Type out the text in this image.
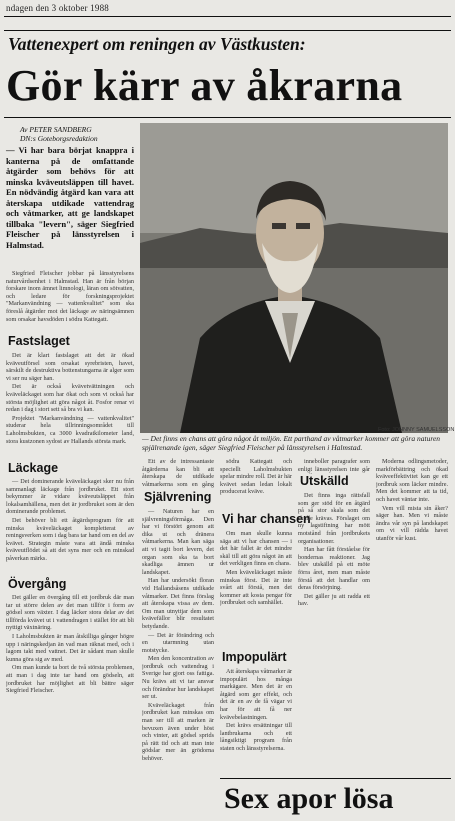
ndagen den 3 oktober 1988
Vattenexpert om reningen av Västkusten:
Gör kärr av åkrarna
Av PETER SANDBERG
DN:s Goteborgsredaktion
— Vi har bara börjat knappra i kanterna på de omfattande åtgärder som behövs för att minska kväveutsläppen till havet. En nödvändig åtgärd kan vara att återskapa utdikade vattendrag och våtmarker, att ge landskapet tillbaka "levern", säger Siegfried Fleischer på länsstyrelsen i Halmstad.

Siegfried Fleischer jobbar på länsstyrelsens naturvårdsenhet i Halmstad. Han är från början forskare inom ämnet limnologi, läran om sötvatten, och ledare för forskningsprojektet "Markanvändning — vattenkvalitet" som ska föreslå åtgärder mot det läckage av näringsämnen som orsakar havsdöden i södra Kattegatt.

Fastslaget

Det är klart fastslaget att det är ökad kväveutförsel som orsakat syrebristen, havet, särskilt de destruktiva bottenstungarna är alger som vi ser nu säger han.

Det är också kvävetvättningen och kväveläckaget som har ökat och som vi också har största möjlighet att göra något åt. Fosfor renar vi redan i dag i stort sett så bra vi kan.

Projektet "Markanvändning — vattenkvalitet" studerar hela tillrinningsområdet till Laholmsbukten, ca 3000 kvadratkilometer land, stora kustzonen sydost av Hallands största mark.

Läckage

— Det dominerande kväveläckaget sker nu från sammanlagt läckage från jordbruket. Ett stort bekymmer är vidare kväveutsläppet från lokalsamhällena, men det är jordbruket som är den dominerande problemet.

Det behöver bli ett åtgärdsprogram för att minska kväveläckaget kompletterat av reningsverken som i dag bara tar hand om en del av kvävet. Strategin måste vara att ändå minska kväveutflödet så att det syns mer och en minskad påverkan märks.

Övergång

Det gäller en övergång till ett jordbruk där man tar ut större delen av det man tillför i form av gödsel som växter. I dag läcker stora delar av det tillförda kvävet ut i vattendragen i stället för att bli nyttigt växtnäring.

I Laholmsbukten är man åtskilliga gånger högre upp i näringskedjan än vad man räknat med, och i lagom takt med vattnet. Det är sådant man skulle kunna göra sig av med.

Om man kunde ta bort de två största problemen, att man i dag inte tar hand om gödseln, att jordbruket har möjlighet att bli bättre säger Siegfried Fleischer.

Foto: JOHNNY SAMUELSSON
— Det finns en chans att göra något åt miljön. Ett parthand av våtmarker kommer att göra naturen spjälrenande igen, säger Siegfried Fleischer på länsstyrelsen i Halmstad.

Ett av de intressantaste åtgärderna kan bli att återskapa de utdikade våtmarkerna som en gång

Självrening

— Naturen har en självreningsförmåga. Den har vi förstört genom att dika ut och dränera våtmarkerna. Man kan säga att vi tagit bort levern, det organ som ska ta bort skadliga ämnen ur landskapet.

Han har undersökt floran vid Hallandsåsens utdikade våtmarker. Det finns förslag att återskapa vissa av dem. Om man utnyttjar dem som kvävefällor blir resultatet betydande.

— Det är förändring och en utarmning utan motstycke.

Men den koncentration av jordbruk och vattendrag i Sverige har gjort oss fattiga. Nu krävs att vi tar ansvar och förändrar hur landskapet ser ut.

Kväveläckaget från jordbruket kan minskas om man ser till att marken är bevuxen även under höst och vinter, att gödsel sprids på rätt tid och att man inte gödslar mer än grödorna behöver.

södra Kattegatt och speciellt Laholmsbukten spelar mindre roll. Det är här kvävet sedan ledan lokalt producerat kväve.

Vi har chansen

Om man skulle kunna säga att vi har chansen — i det här fallet är det mindre skäl till att göra något än att det verkligen finns en chans.

Men kväveläckaget måste minskas först. Det är inte svårt att förstå, men det kommer att kosta pengar för jordbruket och samhället.

Impopulärt

Att återskapa våtmarker är impopulärt hos många markägare. Men det är en åtgärd som ger effekt, och det är en av de få vägar vi har för att få ner kvävebelastningen.

Det krävs ersättningar till lantbrukarna och ett långsiktigt program från staten och länsstyrelserna.

inneboller paragrafer som enligt länsstyrelsen inte går

Utskälld

Det finns inga rättsfall som ger stöd för en åtgärd på så stor skala som det skulle krävas. Förslaget om ny lagstiftning har mött motstånd från jordbrukets organisationer.

Han har fått förståelse för bondernas reaktioner. Jag blev utskälld på ett möte förra året, men man måste förstå att det handlar om deras försörjning.

Det gäller ju att radda ett hav.

Moderna odlingsmetoder, markförbättring och ökad kväveeffektivitet kan ge ett jordbruk som läcker mindre. Men det kommer att ta tid, och havet väntar inte.

Vem vill mista sin åker? säger han. Men vi måste ändra vår syn på landskapet om vi vill rädda havet utanför vår kust.

Sex apor lösa
